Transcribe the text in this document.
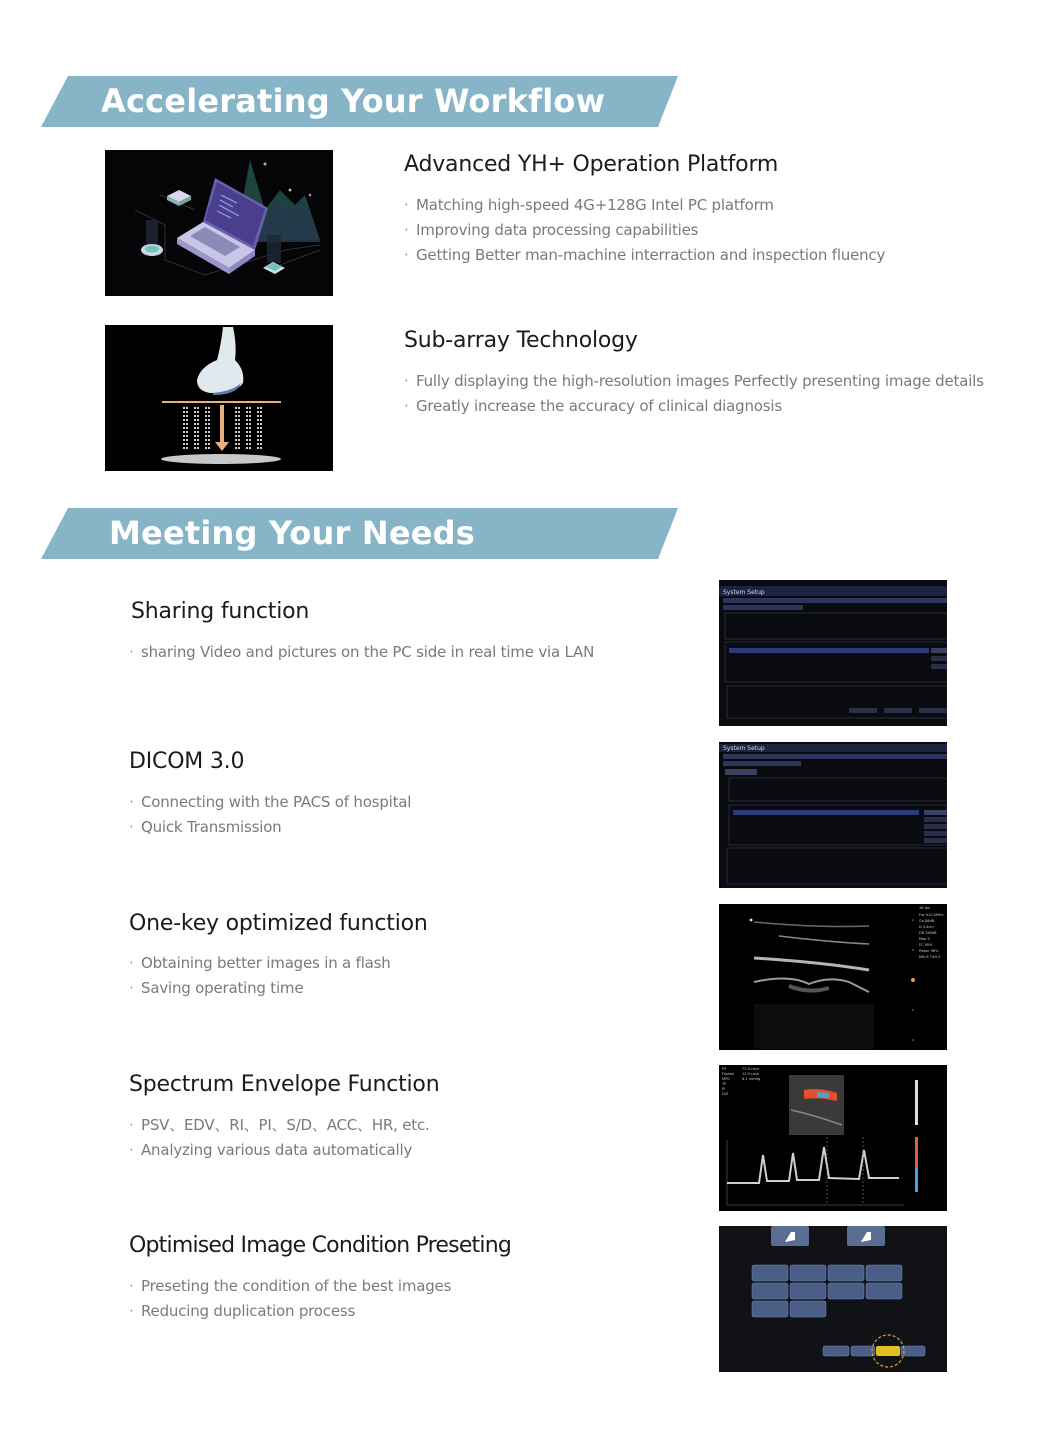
Accelerating Your Workflow
Advanced YH+ Operation Platform
· Matching high-speed 4G+128G Intel PC platform
· Improving data processing capabilities
· Getting Better man-machine interraction and inspection fluency
Sub-array Technology
· Fully displaying the high-resolution images Perfectly presenting image details
· Greatly increase the accuracy of clinical diagnosis
Meeting Your Needs
Sharing function
· sharing Video and pictures on the PC side in real time via LAN
System Setup
DICOM 3.0
· Connecting with the PACS of hospital
· Quick Transmission
System Setup
One-key optimized function
· Obtaining better images in a flash
· Saving operating time
38 fps
Frq H10.0MHz
Gn 88dB
D 4.4cm
DR 260dB
Map 5
FC 90%
Power 98%
MI0.8 TIs0.4
Spectrum Envelope Function
· PSV、EDV、RI、PI、S/D、ACC、HR, etc.
· Analyzing various data automatically
PS
Diastol
MPG
TP
PI
D/S
72.9 cm/s
13.9 cm/s
8.1 mmHg
Optimised Image Condition Preseting
· Preseting the condition of the best images
· Reducing duplication process
